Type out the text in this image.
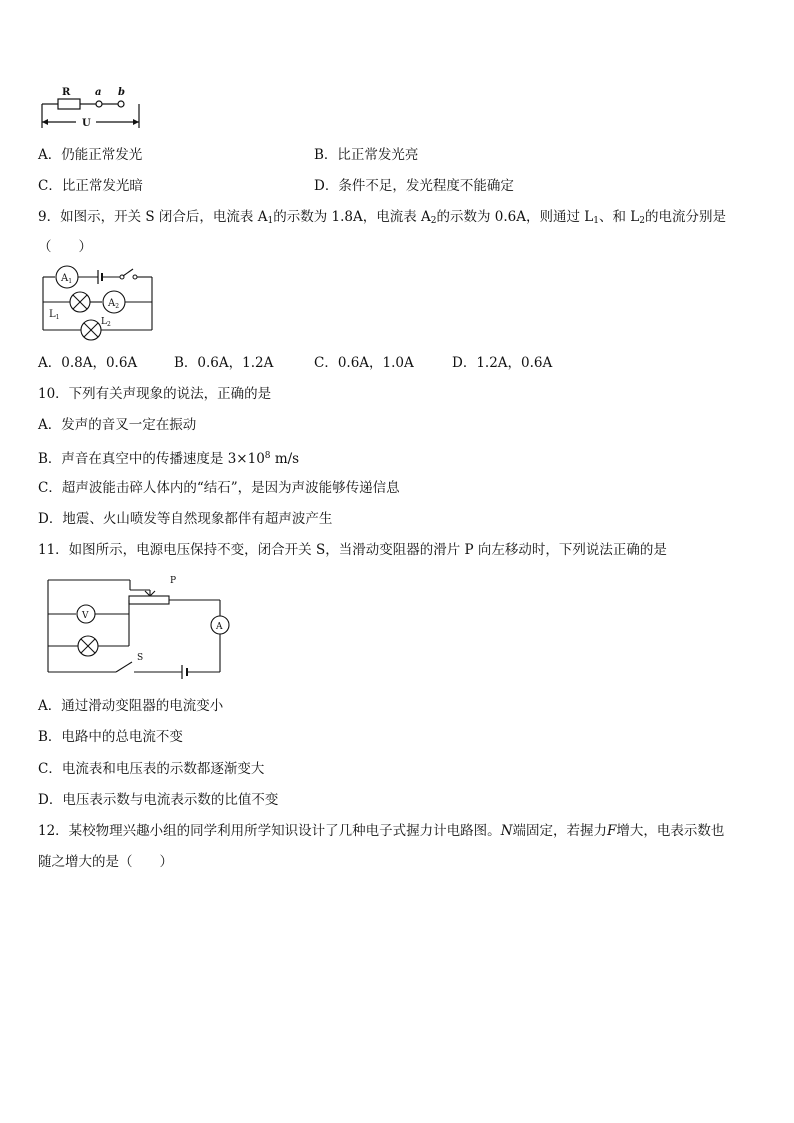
R a b
U
A．仍能正常发光	B．比正常发光亮
C．比正常发光暗	D．条件不足，发光程度不能确定
9．如图示，开关 S 闭合后，电流表 $A_1$的示数为 1.8A，电流表 $A_2$的示数为 0.6A，则通过 $L_1$、和 $L_2$的电流分别是
（　　）
$A_1$
$A_2$
$L_1$	$L_2$
A．0.8A，0.6A	B．0.6A，1.2A	C．0.6A，1.0A	D．1.2A，0.6A
10．下列有关声现象的说法，正确的是
A．发声的音叉一定在振动
B．声音在真空中的传播速度是 $3\times 10^8$ m/s
C．超声波能击碎人体内的“结石”，是因为声波能够传递信息
D．地震、火山喷发等自然现象都伴有超声波产生
11．如图所示，电源电压保持不变，闭合开关 S，当滑动变阻器的滑片 P 向左移动时，下列说法正确的是
P
A
V
S
A．通过滑动变阻器的电流变小
B．电路中的总电流不变
C．电流表和电压表的示数都逐渐变大
D．电压表示数与电流表示数的比值不变
12．某校物理兴趣小组的同学利用所学知识设计了几种电子式握力计电路图。N端固定，若握力F增大，电表示数也
随之增大的是（　　）
